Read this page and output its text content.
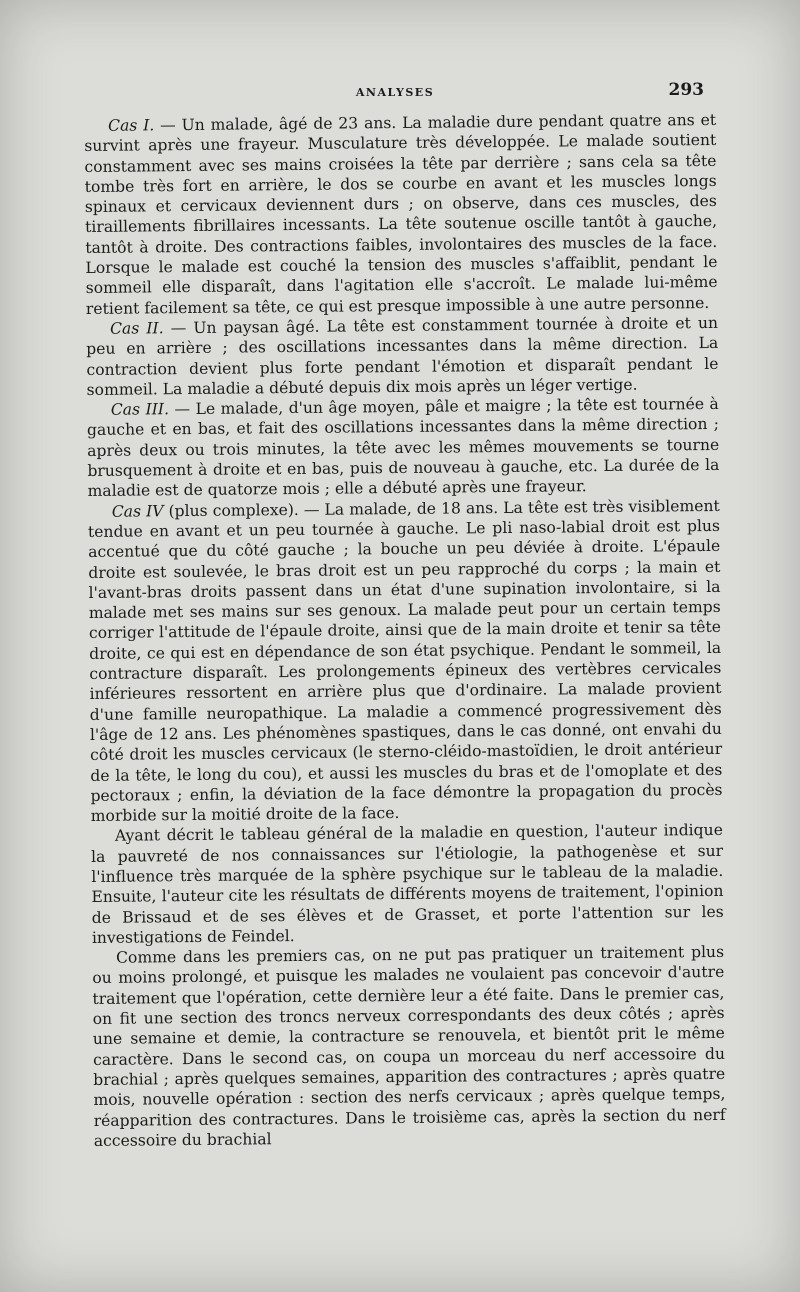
ANALYSES	293

Cas I. — Un malade, âgé de 23 ans. La maladie dure pendant quatre ans et survint après une frayeur. Musculature très développée. Le malade soutient constamment avec ses mains croisées la tête par derrière ; sans cela sa tête tombe très fort en arrière, le dos se courbe en avant et les muscles longs spinaux et cervicaux deviennent durs ; on observe, dans ces muscles, des tiraillements fibrillaires incessants. La tête soutenue oscille tantôt à gauche, tantôt à droite. Des contractions faibles, involontaires des muscles de la face. Lorsque le malade est couché la tension des muscles s'affaiblit, pendant le sommeil elle disparaît, dans l'agitation elle s'accroît. Le malade lui-même retient facilement sa tête, ce qui est presque impossible à une autre personne.

Cas II. — Un paysan âgé. La tête est constamment tournée à droite et un peu en arrière ; des oscillations incessantes dans la même direction. La contraction devient plus forte pendant l'émotion et disparaît pendant le sommeil. La maladie a débuté depuis dix mois après un léger vertige.

Cas III. — Le malade, d'un âge moyen, pâle et maigre ; la tête est tournée à gauche et en bas, et fait des oscillations incessantes dans la même direction ; après deux ou trois minutes, la tête avec les mêmes mouvements se tourne brusquement à droite et en bas, puis de nouveau à gauche, etc. La durée de la maladie est de quatorze mois ; elle a débuté après une frayeur.

Cas IV (plus complexe). — La malade, de 18 ans. La tête est très visiblement tendue en avant et un peu tournée à gauche. Le pli naso-labial droit est plus accentué que du côté gauche ; la bouche un peu déviée à droite. L'épaule droite est soulevée, le bras droit est un peu rapproché du corps ; la main et l'avant-bras droits passent dans un état d'une supination involontaire, si la malade met ses mains sur ses genoux. La malade peut pour un certain temps corriger l'attitude de l'épaule droite, ainsi que de la main droite et tenir sa tête droite, ce qui est en dépendance de son état psychique. Pendant le sommeil, la contracture disparaît. Les prolongements épineux des vertèbres cervicales inférieures ressortent en arrière plus que d'ordinaire. La malade provient d'une famille neuropathique. La maladie a commencé progressivement dès l'âge de 12 ans. Les phénomènes spastiques, dans le cas donné, ont envahi du côté droit les muscles cervicaux (le sterno-cléido-mastoïdien, le droit antérieur de la tête, le long du cou), et aussi les muscles du bras et de l'omoplate et des pectoraux ; enfin, la déviation de la face démontre la propagation du procès morbide sur la moitié droite de la face.

Ayant décrit le tableau général de la maladie en question, l'auteur indique la pauvreté de nos connaissances sur l'étiologie, la pathogenèse et sur l'influence très marquée de la sphère psychique sur le tableau de la maladie. Ensuite, l'auteur cite les résultats de différents moyens de traitement, l'opinion de Brissaud et de ses élèves et de Grasset, et porte l'attention sur les investigations de Feindel.

Comme dans les premiers cas, on ne put pas pratiquer un traitement plus ou moins prolongé, et puisque les malades ne voulaient pas concevoir d'autre traitement que l'opération, cette dernière leur a été faite. Dans le premier cas, on fit une section des troncs nerveux correspondants des deux côtés ; après une semaine et demie, la contracture se renouvela, et bientôt prit le même caractère. Dans le second cas, on coupa un morceau du nerf accessoire du brachial ; après quelques semaines, apparition des contractures ; après quatre mois, nouvelle opération : section des nerfs cervicaux ; après quelque temps, réapparition des contractures. Dans le troisième cas, après la section du nerf accessoire du brachial
